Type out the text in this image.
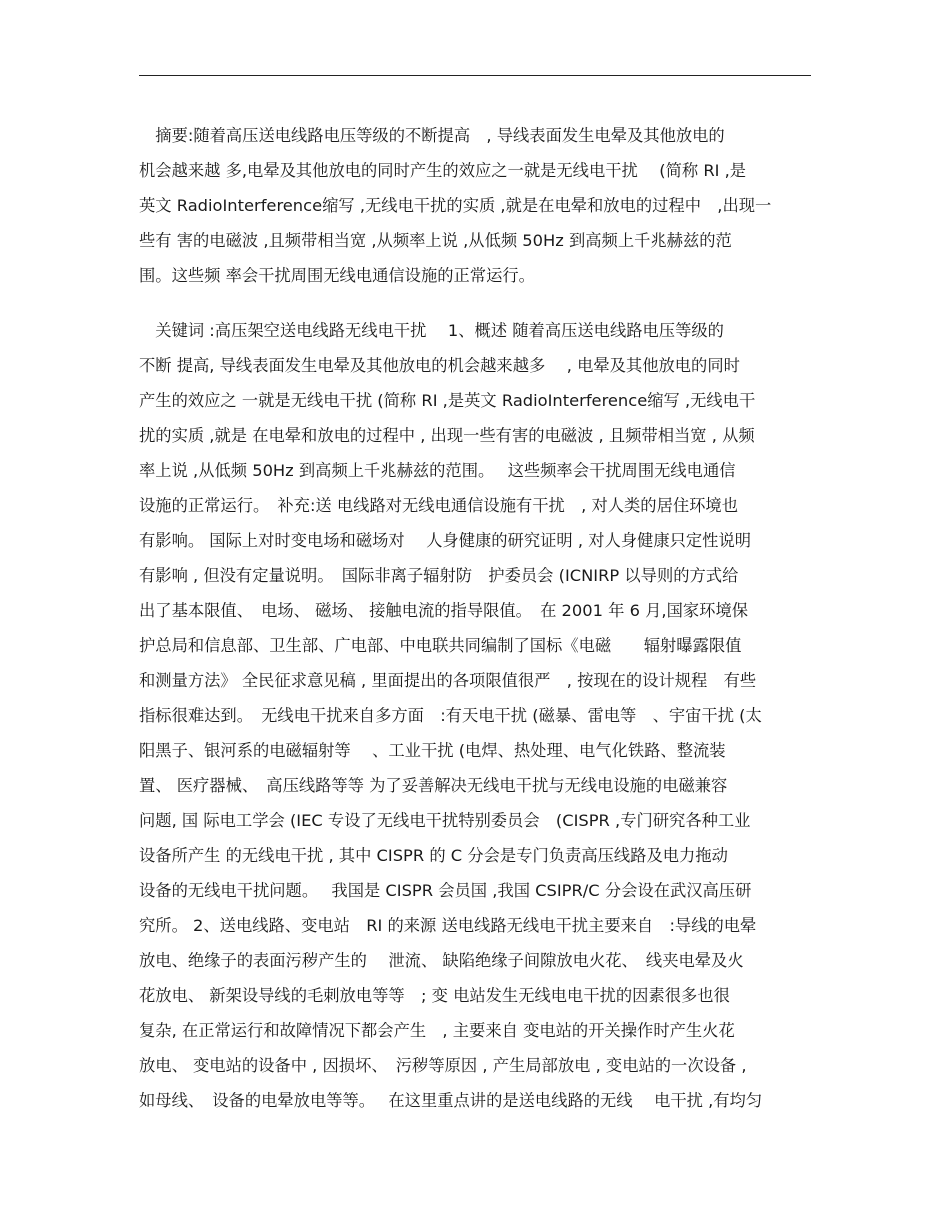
　摘要:随着高压送电线路电压等级的不断提高　, 导线表面发生电晕及其他放电的
机会越来越 多,电晕及其他放电的同时产生的效应之一就是无线电干扰　 (简称 RI ,是
英文 RadioInterference缩写 ,无线电干扰的实质 ,就是在电晕和放电的过程中　,出现一
些有 害的电磁波 ,且频带相当宽 ,从频率上说 ,从低频 50Hz 到高频上千兆赫兹的范
围。这些频 率会干扰周围无线电通信设施的正常运行。
　关键词 :高压架空送电线路无线电干扰　 1、概述 随着高压送电线路电压等级的
不断 提高, 导线表面发生电晕及其他放电的机会越来越多　 , 电晕及其他放电的同时
产生的效应之 一就是无线电干扰 (简称 RI ,是英文 RadioInterference缩写 ,无线电干
扰的实质 ,就是 在电晕和放电的过程中 , 出现一些有害的电磁波 , 且频带相当宽 , 从频
率上说 ,从低频 50Hz 到高频上千兆赫兹的范围。　 这些频率会干扰周围无线电通信
设施的正常运行。　补充:送 电线路对无线电通信设施有干扰　, 对人类的居住环境也
有影响。 国际上对时变电场和磁场对　 人身健康的研究证明 , 对人身健康只定性说明
有影响 , 但没有定量说明。　国际非离子辐射防　护委员会 (ICNIRP 以导则的方式给
出了基本限值、　电场、 磁场、 接触电流的指导限值。　在 2001 年 6 月,国家环境保
护总局和信息部、卫生部、广电部、中电联共同编制了国标《电磁　　辐射曝露限值
和测量方法》 全民征求意见稿 , 里面提出的各项限值很严　, 按现在的设计规程　有些
指标很难达到。　无线电干扰来自多方面　:有天电干扰 (磁暴、雷电等　、宇宙干扰 (太
阳黑子、银河系的电磁辐射等　 、工业干扰 (电焊、热处理、电气化铁路、整流装
置、 医疗器械、　高压线路等等 为了妥善解决无线电干扰与无线电设施的电磁兼容
问题, 国 际电工学会 (IEC 专设了无线电干扰特别委员会　(CISPR ,专门研究各种工业
设备所产生 的无线电干扰 , 其中 CISPR 的 C 分会是专门负责高压线路及电力拖动
设备的无线电干扰问题。　 我国是 CISPR 会员国 ,我国 CSIPR/C 分会设在武汉高压研
究所。 2、送电线路、变电站　RI 的来源 送电线路无线电干扰主要来自　:导线的电晕
放电、绝缘子的表面污秽产生的　 泄流、 缺陷绝缘子间隙放电火花、　线夹电晕及火
花放电、 新架设导线的毛刺放电等等　; 变 电站发生无线电电干扰的因素很多也很
复杂, 在正常运行和故障情况下都会产生　, 主要来自 变电站的开关操作时产生火花
放电、 变电站的设备中 , 因损坏、　污秽等原因 , 产生局部放电 , 变电站的一次设备 ,
如母线、　设备的电晕放电等等。　 在这里重点讲的是送电线路的无线　 电干扰 ,有均匀
